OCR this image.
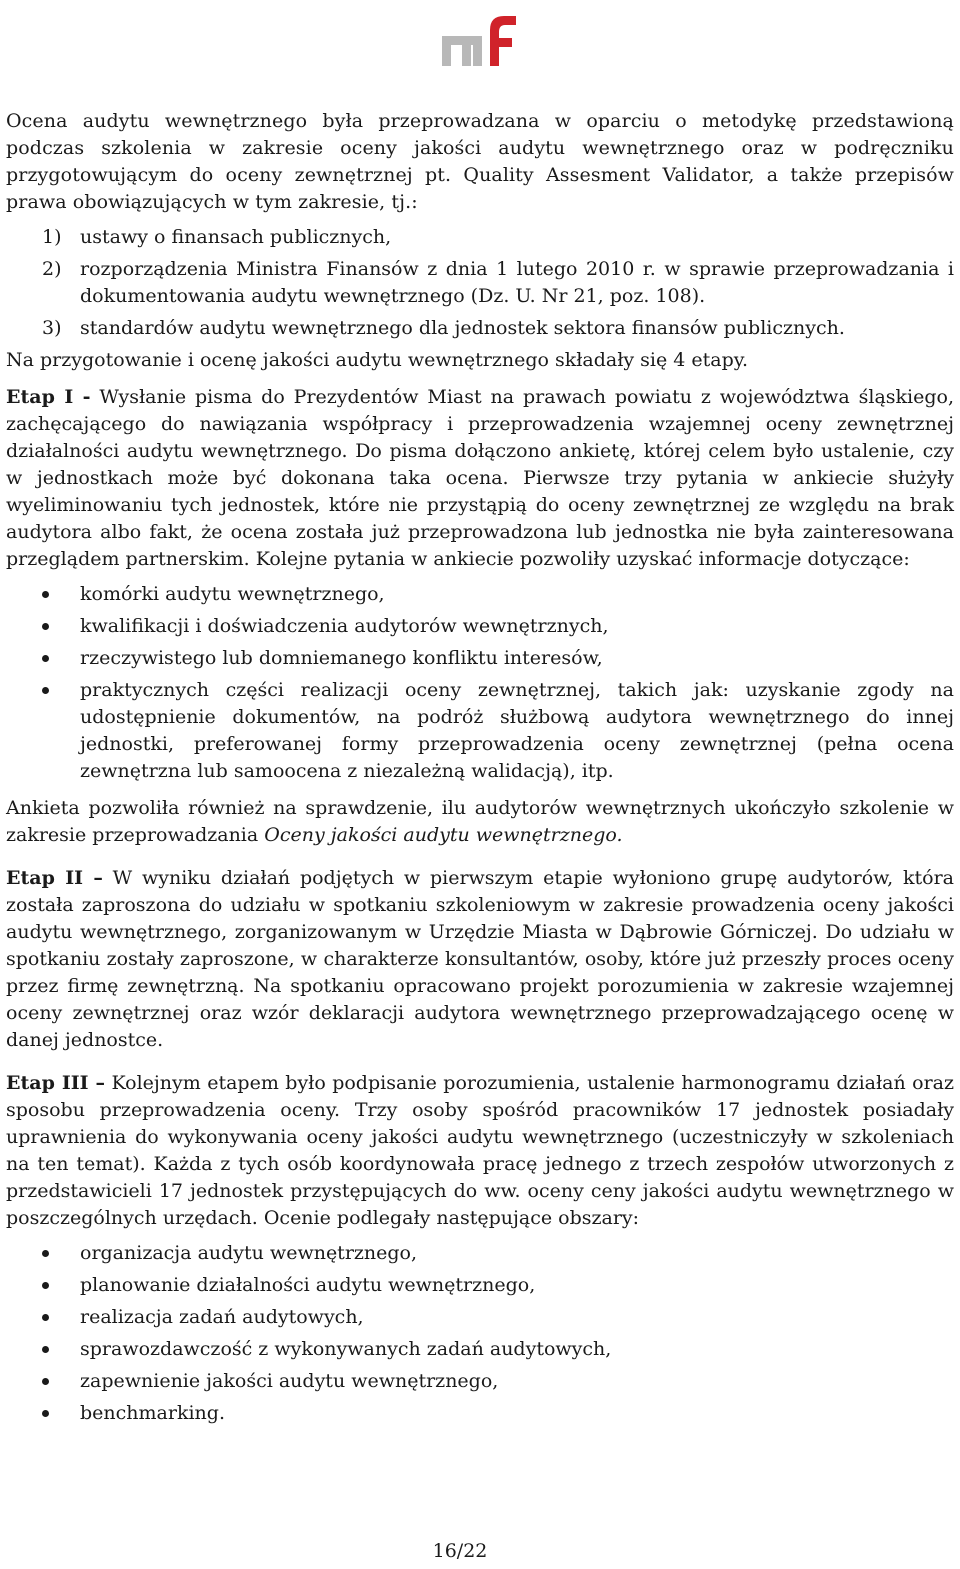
Ocena audytu wewnętrznego była przeprowadzana w oparciu o metodykę przedstawioną podczas szkolenia w zakresie oceny jakości audytu wewnętrznego oraz w podręczniku przygotowującym do oceny zewnętrznej pt. Quality Assesment Validator, a także przepisów prawa obowiązujących w tym zakresie, tj.:

1) ustawy o finansach publicznych,
2) rozporządzenia Ministra Finansów z dnia 1 lutego 2010 r. w sprawie przeprowadzania i dokumentowania audytu wewnętrznego (Dz. U. Nr 21, poz. 108).
3) standardów audytu wewnętrznego dla jednostek sektora finansów publicznych.

Na przygotowanie i ocenę jakości audytu wewnętrznego składały się 4 etapy.

Etap I - Wysłanie pisma do Prezydentów Miast na prawach powiatu z województwa śląskiego, zachęcającego do nawiązania współpracy i przeprowadzenia wzajemnej oceny zewnętrznej działalności audytu wewnętrznego. Do pisma dołączono ankietę, której celem było ustalenie, czy w jednostkach może być dokonana taka ocena. Pierwsze trzy pytania w ankiecie służyły wyeliminowaniu tych jednostek, które nie przystąpią do oceny zewnętrznej ze względu na brak audytora albo fakt, że ocena została już przeprowadzona lub jednostka nie była zainteresowana przeglądem partnerskim. Kolejne pytania w ankiecie pozwoliły uzyskać informacje dotyczące:

komórki audytu wewnętrznego,
kwalifikacji i doświadczenia audytorów wewnętrznych,
rzeczywistego lub domniemanego konfliktu interesów,
praktycznych części realizacji oceny zewnętrznej, takich jak: uzyskanie zgody na udostępnienie dokumentów, na podróż służbową audytora wewnętrznego do innej jednostki, preferowanej formy przeprowadzenia oceny zewnętrznej (pełna ocena zewnętrzna lub samoocena z niezależną walidacją), itp.

Ankieta pozwoliła również na sprawdzenie, ilu audytorów wewnętrznych ukończyło szkolenie w zakresie przeprowadzania Oceny jakości audytu wewnętrznego.

Etap II – W wyniku działań podjętych w pierwszym etapie wyłoniono grupę audytorów, która została zaproszona do udziału w spotkaniu szkoleniowym w zakresie prowadzenia oceny jakości audytu wewnętrznego, zorganizowanym w Urzędzie Miasta w Dąbrowie Górniczej. Do udziału w spotkaniu zostały zaproszone, w charakterze konsultantów, osoby, które już przeszły proces oceny przez firmę zewnętrzną. Na spotkaniu opracowano projekt porozumienia w zakresie wzajemnej oceny zewnętrznej oraz wzór deklaracji audytora wewnętrznego przeprowadzającego ocenę w danej jednostce.

Etap III – Kolejnym etapem było podpisanie porozumienia, ustalenie harmonogramu działań oraz sposobu przeprowadzenia oceny. Trzy osoby spośród pracowników 17 jednostek posiadały uprawnienia do wykonywania oceny jakości audytu wewnętrznego (uczestniczyły w szkoleniach na ten temat). Każda z tych osób koordynowała pracę jednego z trzech zespołów utworzonych z przedstawicieli 17 jednostek przystępujących do ww. oceny ceny jakości audytu wewnętrznego w poszczególnych urzędach. Ocenie podlegały następujące obszary:

organizacja audytu wewnętrznego,
planowanie działalności audytu wewnętrznego,
realizacja zadań audytowych,
sprawozdawczość z wykonywanych zadań audytowych,
zapewnienie jakości audytu wewnętrznego,
benchmarking.
16/22
